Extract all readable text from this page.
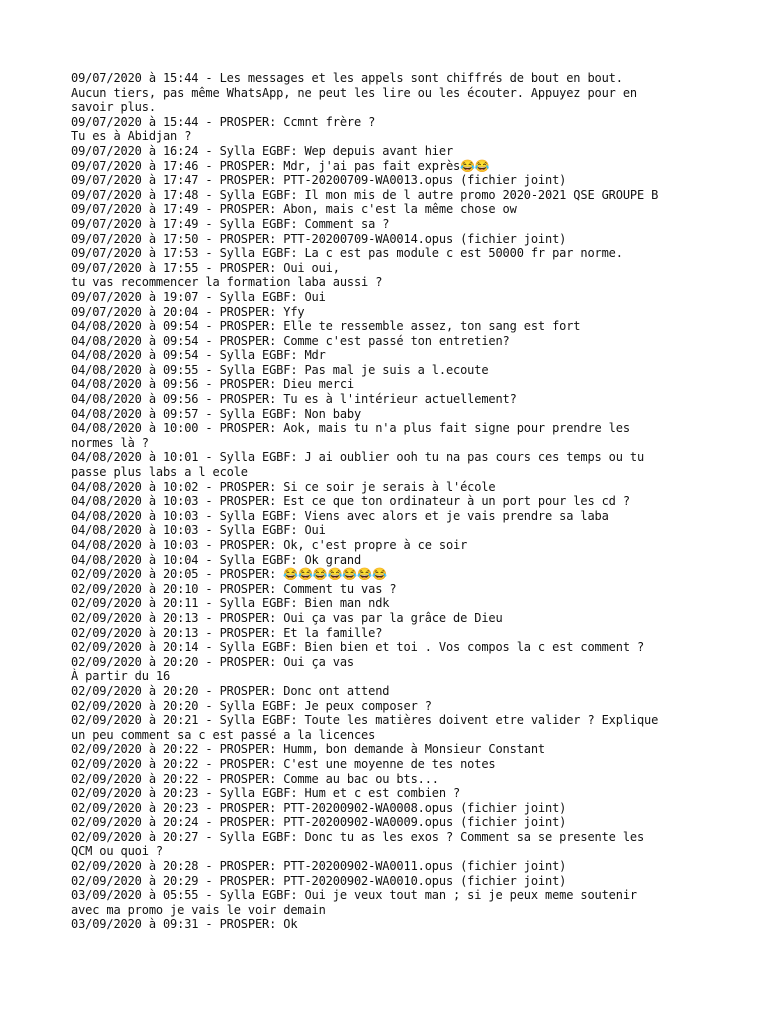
09/07/2020 à 15:44 - Les messages et les appels sont chiffrés de bout en bout.
Aucun tiers, pas même WhatsApp, ne peut les lire ou les écouter. Appuyez pour en
savoir plus.
09/07/2020 à 15:44 - PROSPER: Ccmnt frère ?
Tu es à Abidjan ?
09/07/2020 à 16:24 - Sylla EGBF: Wep depuis avant hier
09/07/2020 à 17:46 - PROSPER: Mdr, j'ai pas fait exprès😂😂
09/07/2020 à 17:47 - PROSPER: PTT-20200709-WA0013.opus (fichier joint)
09/07/2020 à 17:48 - Sylla EGBF: Il mon mis de l autre promo 2020-2021 QSE GROUPE B
09/07/2020 à 17:49 - PROSPER: Abon, mais c'est la même chose ow
09/07/2020 à 17:49 - Sylla EGBF: Comment sa ?
09/07/2020 à 17:50 - PROSPER: PTT-20200709-WA0014.opus (fichier joint)
09/07/2020 à 17:53 - Sylla EGBF: La c est pas module c est 50000 fr par norme.
09/07/2020 à 17:55 - PROSPER: Oui oui,
tu vas recommencer la formation laba aussi ?
09/07/2020 à 19:07 - Sylla EGBF: Oui
09/07/2020 à 20:04 - PROSPER: Yfy
04/08/2020 à 09:54 - PROSPER: Elle te ressemble assez, ton sang est fort
04/08/2020 à 09:54 - PROSPER: Comme c'est passé ton entretien?
04/08/2020 à 09:54 - Sylla EGBF: Mdr
04/08/2020 à 09:55 - Sylla EGBF: Pas mal je suis a l.ecoute
04/08/2020 à 09:56 - PROSPER: Dieu merci
04/08/2020 à 09:56 - PROSPER: Tu es à l'intérieur actuellement?
04/08/2020 à 09:57 - Sylla EGBF: Non baby
04/08/2020 à 10:00 - PROSPER: Aok, mais tu n'a plus fait signe pour prendre les
normes là ?
04/08/2020 à 10:01 - Sylla EGBF: J ai oublier ooh tu na pas cours ces temps ou tu
passe plus labs a l ecole
04/08/2020 à 10:02 - PROSPER: Si ce soir je serais à l'école
04/08/2020 à 10:03 - PROSPER: Est ce que ton ordinateur à un port pour les cd ?
04/08/2020 à 10:03 - Sylla EGBF: Viens avec alors et je vais prendre sa laba
04/08/2020 à 10:03 - Sylla EGBF: Oui
04/08/2020 à 10:03 - PROSPER: Ok, c'est propre à ce soir
04/08/2020 à 10:04 - Sylla EGBF: Ok grand
02/09/2020 à 20:05 - PROSPER: 😂😂😂😂😂😂😂
02/09/2020 à 20:10 - PROSPER: Comment tu vas ?
02/09/2020 à 20:11 - Sylla EGBF: Bien man ndk
02/09/2020 à 20:13 - PROSPER: Oui ça vas par la grâce de Dieu
02/09/2020 à 20:13 - PROSPER: Et la famille?
02/09/2020 à 20:14 - Sylla EGBF: Bien bien et toi . Vos compos la c est comment ?
02/09/2020 à 20:20 - PROSPER: Oui ça vas
À partir du 16
02/09/2020 à 20:20 - PROSPER: Donc ont attend
02/09/2020 à 20:20 - Sylla EGBF: Je peux composer ?
02/09/2020 à 20:21 - Sylla EGBF: Toute les matières doivent etre valider ? Explique
un peu comment sa c est passé a la licences
02/09/2020 à 20:22 - PROSPER: Humm, bon demande à Monsieur Constant
02/09/2020 à 20:22 - PROSPER: C'est une moyenne de tes notes
02/09/2020 à 20:22 - PROSPER: Comme au bac ou bts...
02/09/2020 à 20:23 - Sylla EGBF: Hum et c est combien ?
02/09/2020 à 20:23 - PROSPER: PTT-20200902-WA0008.opus (fichier joint)
02/09/2020 à 20:24 - PROSPER: PTT-20200902-WA0009.opus (fichier joint)
02/09/2020 à 20:27 - Sylla EGBF: Donc tu as les exos ? Comment sa se presente les
QCM ou quoi ?
02/09/2020 à 20:28 - PROSPER: PTT-20200902-WA0011.opus (fichier joint)
02/09/2020 à 20:29 - PROSPER: PTT-20200902-WA0010.opus (fichier joint)
03/09/2020 à 05:55 - Sylla EGBF: Oui je veux tout man ; si je peux meme soutenir
avec ma promo je vais le voir demain
03/09/2020 à 09:31 - PROSPER: Ok
